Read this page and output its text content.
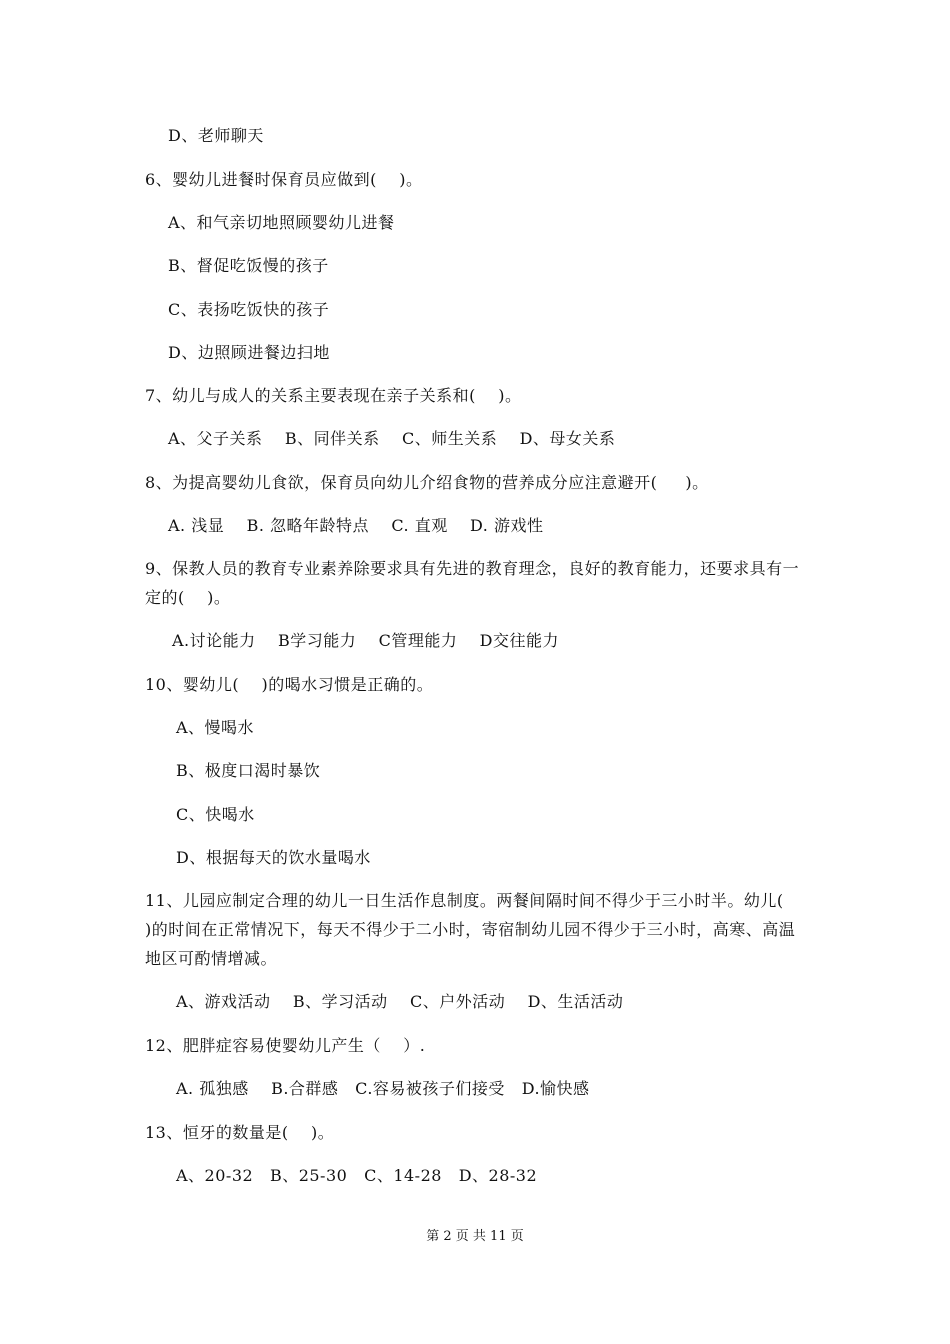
D、老师聊天
6、婴幼儿进餐时保育员应做到(    )。
A、和气亲切地照顾婴幼儿进餐
B、督促吃饭慢的孩子
C、表扬吃饭快的孩子
D、边照顾进餐边扫地
7、幼儿与成人的关系主要表现在亲子关系和(    )。
A、父子关系    B、同伴关系    C、师生关系    D、母女关系
8、为提高婴幼儿食欲，保育员向幼儿介绍食物的营养成分应注意避开(     )。
A. 浅显    B. 忽略年龄特点    C. 直观    D. 游戏性
9、保教人员的教育专业素养除要求具有先进的教育理念，良好的教育能力，还要求具有一
定的(    )。
A.讨论能力    B学习能力    C管理能力    D交往能力
10、婴幼儿(    )的喝水习惯是正确的。
A、慢喝水
B、极度口渴时暴饮
C、快喝水
D、根据每天的饮水量喝水
11、儿园应制定合理的幼儿一日生活作息制度。两餐间隔时间不得少于三小时半。幼儿(
)的时间在正常情况下，每天不得少于二小时，寄宿制幼儿园不得少于三小时，高寒、高温
地区可酌情增减。
A、游戏活动    B、学习活动    C、户外活动    D、生活活动
12、肥胖症容易使婴幼儿产生（    ）.
A. 孤独感    B.合群感   C.容易被孩子们接受   D.愉快感
13、恒牙的数量是(    )。
A、20-32   B、25-30   C、14-28   D、28-32
第 2 页 共 11 页
